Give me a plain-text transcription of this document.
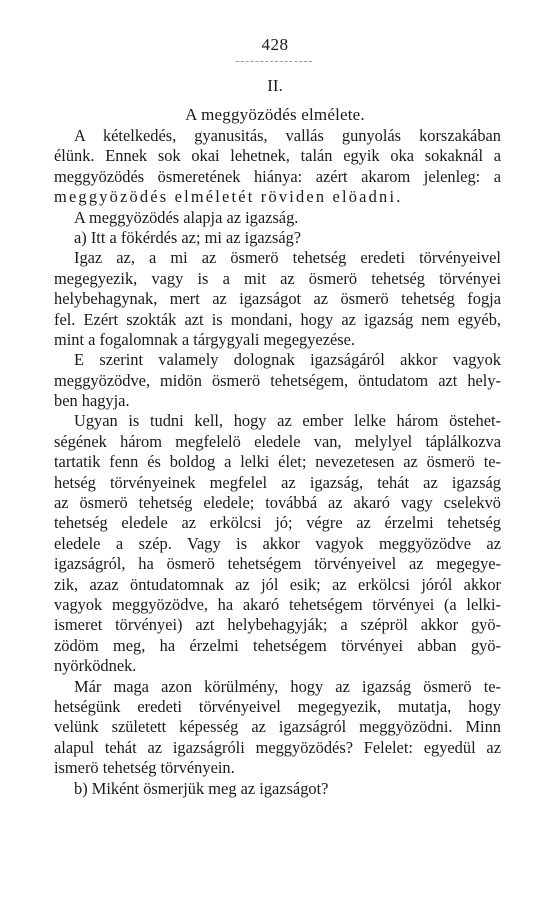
428
II.
A meggyözödés elmélete.
A kételkedés, gyanusitás, vallás gunyolás korszakában
élünk. Ennek sok okai lehetnek, talán egyik oka sokaknál a
meggyözödés ösmeretének hiánya: azért akarom jelenleg: a
meggyözödés elméletét röviden elöadni.
A meggyözödés alapja az igazság.
a) Itt a fökérdés az; mi az igazság?
Igaz az, a mi az ösmerö tehetség eredeti törvényeivel
megegyezik, vagy is a mit az ösmerö tehetség törvényei
helybehagynak, mert az igazságot az ösmerö tehetség fogja
fel. Ezért szokták azt is mondani, hogy az igazság nem egyéb,
mint a fogalomnak a tárgygyali megegyezése.
E szerint valamely dolognak igazságáról akkor vagyok
meggyözödve, midön ösmerö tehetségem, öntudatom azt hely-
ben hagyja.
Ugyan is tudni kell, hogy az ember lelke három östehet-
ségének három megfelelö eledele van, melylyel táplálkozva
tartatik fenn és boldog a lelki élet; nevezetesen az ösmerö te-
hetség törvényeinek megfelel az igazság, tehát az igazság
az ösmerö tehetség eledele; továbbá az akaró vagy cselekvö
tehetség eledele az erkölcsi jó; végre az érzelmi tehetség
eledele a szép. Vagy is akkor vagyok meggyözödve az
igazságról, ha ösmerö tehetségem törvényeivel az megegye-
zik, azaz öntudatomnak az jól esik; az erkölcsi jóról akkor
vagyok meggyözödve, ha akaró tehetségem törvényei (a lelki-
ismeret törvényei) azt helybehagyják; a szépröl akkor gyö-
zödöm meg, ha érzelmi tehetségem törvényei abban gyö-
nyörködnek.
Már maga azon körülmény, hogy az igazság ösmerö te-
hetségünk eredeti törvényeivel megegyezik, mutatja, hogy
velünk született képesség az igazságról meggyözödni. Minn
alapul tehát az igazságróli meggyözödés? Felelet: egyedül az
ismerö tehetség törvényein.
b) Miként ösmerjük meg az igazságot?
